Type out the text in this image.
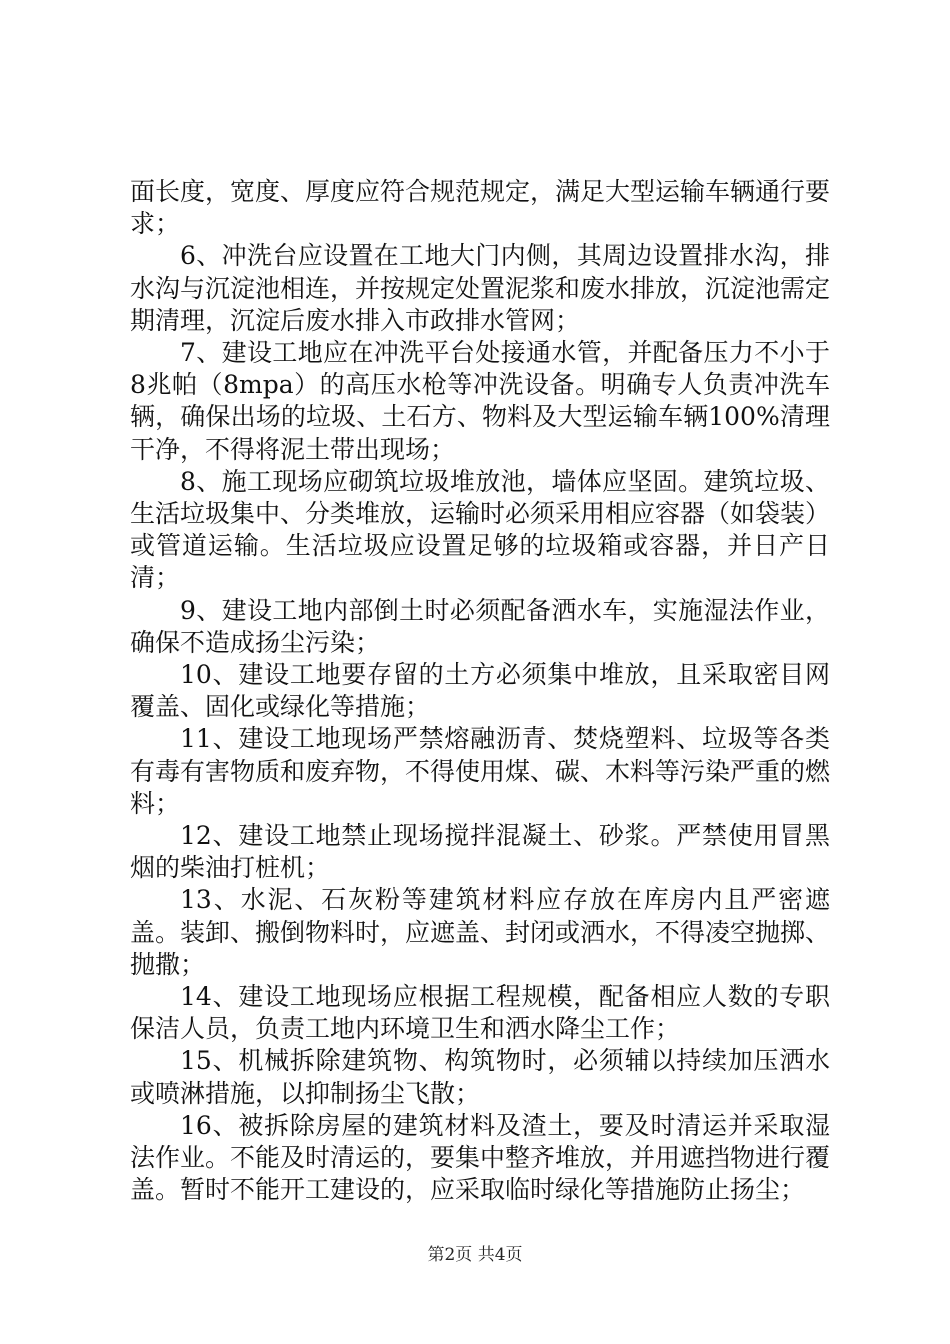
面长度，宽度、厚度应符合规范规定，满足大型运输车辆通行要求；

6、冲洗台应设置在工地大门内侧，其周边设置排水沟，排水沟与沉淀池相连，并按规定处置泥浆和废水排放，沉淀池需定期清理，沉淀后废水排入市政排水管网；

7、建设工地应在冲洗平台处接通水管，并配备压力不小于8兆帕（8mpa）的高压水枪等冲洗设备。明确专人负责冲洗车辆，确保出场的垃圾、土石方、物料及大型运输车辆100%清理干净，不得将泥土带出现场；

8、施工现场应砌筑垃圾堆放池，墙体应坚固。建筑垃圾、生活垃圾集中、分类堆放，运输时必须采用相应容器（如袋装）或管道运输。生活垃圾应设置足够的垃圾箱或容器，并日产日清；

9、建设工地内部倒土时必须配备洒水车，实施湿法作业，确保不造成扬尘污染；

10、建设工地要存留的土方必须集中堆放，且采取密目网覆盖、固化或绿化等措施；

11、建设工地现场严禁熔融沥青、焚烧塑料、垃圾等各类有毒有害物质和废弃物，不得使用煤、碳、木料等污染严重的燃料；

12、建设工地禁止现场搅拌混凝土、砂浆。严禁使用冒黑烟的柴油打桩机；

13、水泥、石灰粉等建筑材料应存放在库房内且严密遮盖。装卸、搬倒物料时，应遮盖、封闭或洒水，不得凌空抛掷、抛撒；

14、建设工地现场应根据工程规模，配备相应人数的专职保洁人员，负责工地内环境卫生和洒水降尘工作；

15、机械拆除建筑物、构筑物时，必须辅以持续加压洒水或喷淋措施，以抑制扬尘飞散；

16、被拆除房屋的建筑材料及渣土，要及时清运并采取湿法作业。不能及时清运的，要集中整齐堆放，并用遮挡物进行覆盖。暂时不能开工建设的，应采取临时绿化等措施防止扬尘；

第2页 共4页
